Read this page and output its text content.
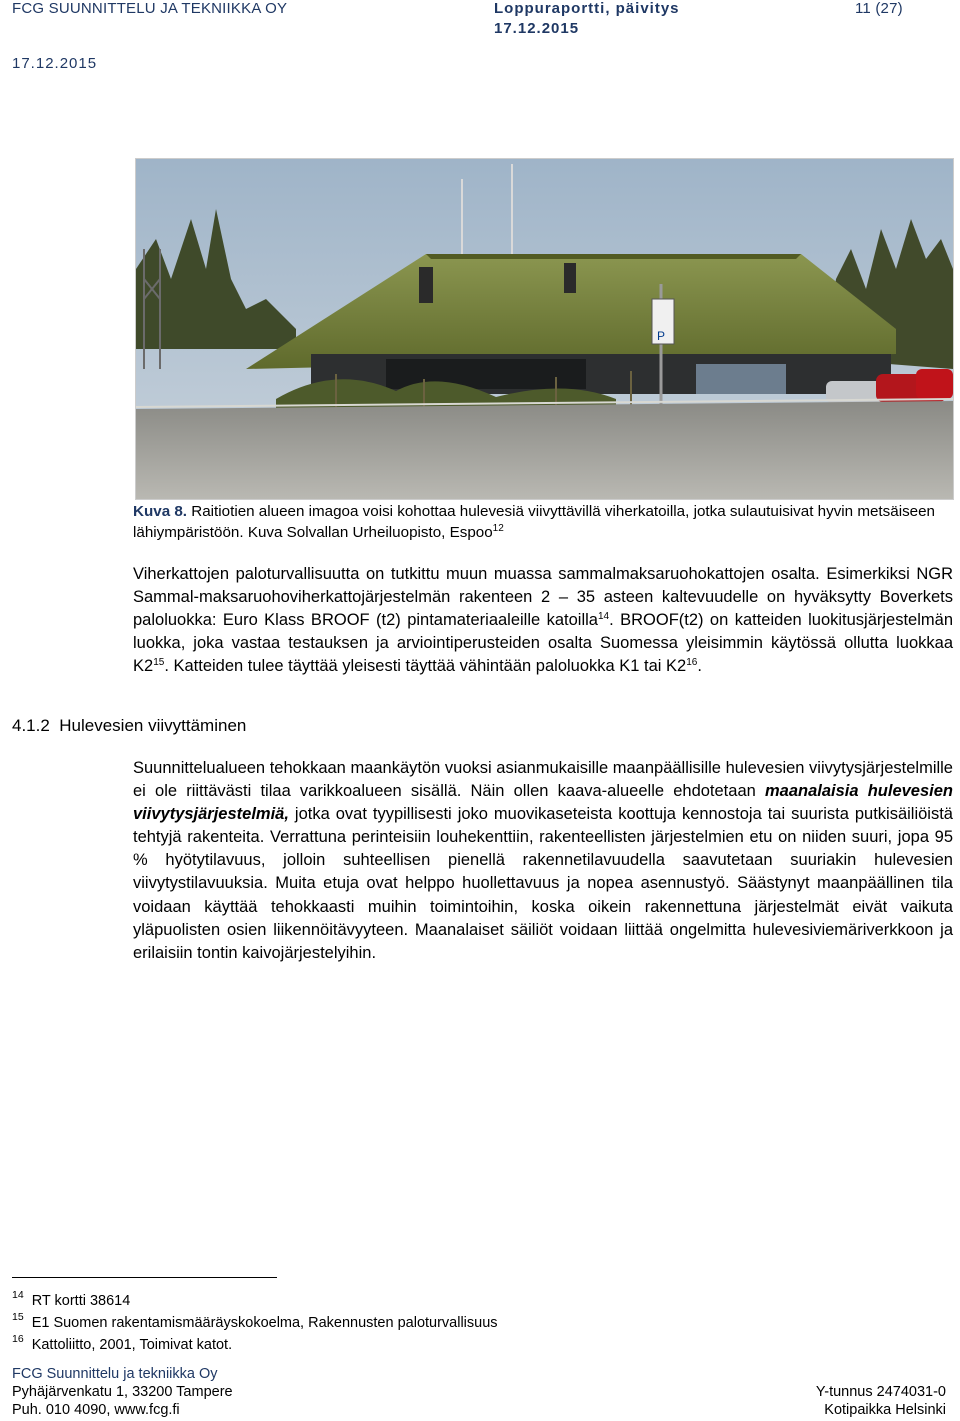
FCG SUUNNITTELU JA TEKNIIKKA OY	Loppuraportti, päivitys
17.12.2015
11 (27)
17.12.2015
P

Kuva 8. Raitiotien alueen imagoa voisi kohottaa hulevesiä viivyttävillä viherkatoilla, jotka sulautuisivat hyvin metsäiseen lähiympäristöön. Kuva Solvallan Urheiluopisto, Espoo$^{12}$

Viherkattojen paloturvallisuutta on tutkittu muun muassa sammalmaksaruohokattojen osalta. Esimerkiksi NGR Sammal-maksaruohoviherkattojärjestelmän rakenteen 2 – 35 asteen kaltevuudelle on hyväksytty Boverkets paloluokka: Euro Klass BROOF (t2) pintamateriaaleille katoilla$^{14}$. BROOF(t2) on katteiden luokitusjärjestelmän luokka, joka vastaa testauksen ja arviointiperusteiden osalta Suomessa yleisimmin käytössä ollutta luokkaa $K2^{15}$. Katteiden tulee täyttää yleisesti täyttää vähintään paloluokka K1 tai $K2^{16}$.

4.1.2 Hulevesien viivyttäminen

Suunnittelualueen tehokkaan maankäytön vuoksi asianmukaisille maanpäällisille hulevesien viivytysjärjestelmille ei ole riittävästi tilaa varikkoalueen sisällä. Näin ollen kaava-alueelle ehdotetaan maanalaisia hulevesien viivytysjärjestelmiä, jotka ovat tyypillisesti joko muovikaseteista koottuja kennostoja tai suurista putkisäiliöistä tehtyjä rakenteita. Verrattuna perinteisiin louhekenttiin, rakenteellisten järjestelmien etu on niiden suuri, jopa 95 % hyötytilavuus, jolloin suhteellisen pienellä rakennetilavuudella saavutetaan suuriakin hulevesien viivytystilavuuksia. Muita etuja ovat helppo huollettavuus ja nopea asennustyö. Säästynyt maanpäällinen tila voidaan käyttää tehokkaasti muihin toimintoihin, koska oikein rakennettuna järjestelmät eivät vaikuta yläpuolisten osien liikennöitävyyteen. Maanalaiset säiliöt voidaan liittää ongelmitta hulevesiviemäriverkkoon ja erilaisiin tontin kaivojärjestelyihin.

$^{14}$ RT kortti 38614
$^{15}$ E1 Suomen rakentamismääräyskokoelma, Rakennusten paloturvallisuus
$^{16}$ Kattoliitto, 2001, Toimivat katot.
FCG Suunnittelu ja tekniikka Oy
Pyhäjärvenkatu 1, 33200 Tampere
Puh. 010 4090, www.fcg.fi
Y-tunnus 2474031-0
Kotipaikka Helsinki
